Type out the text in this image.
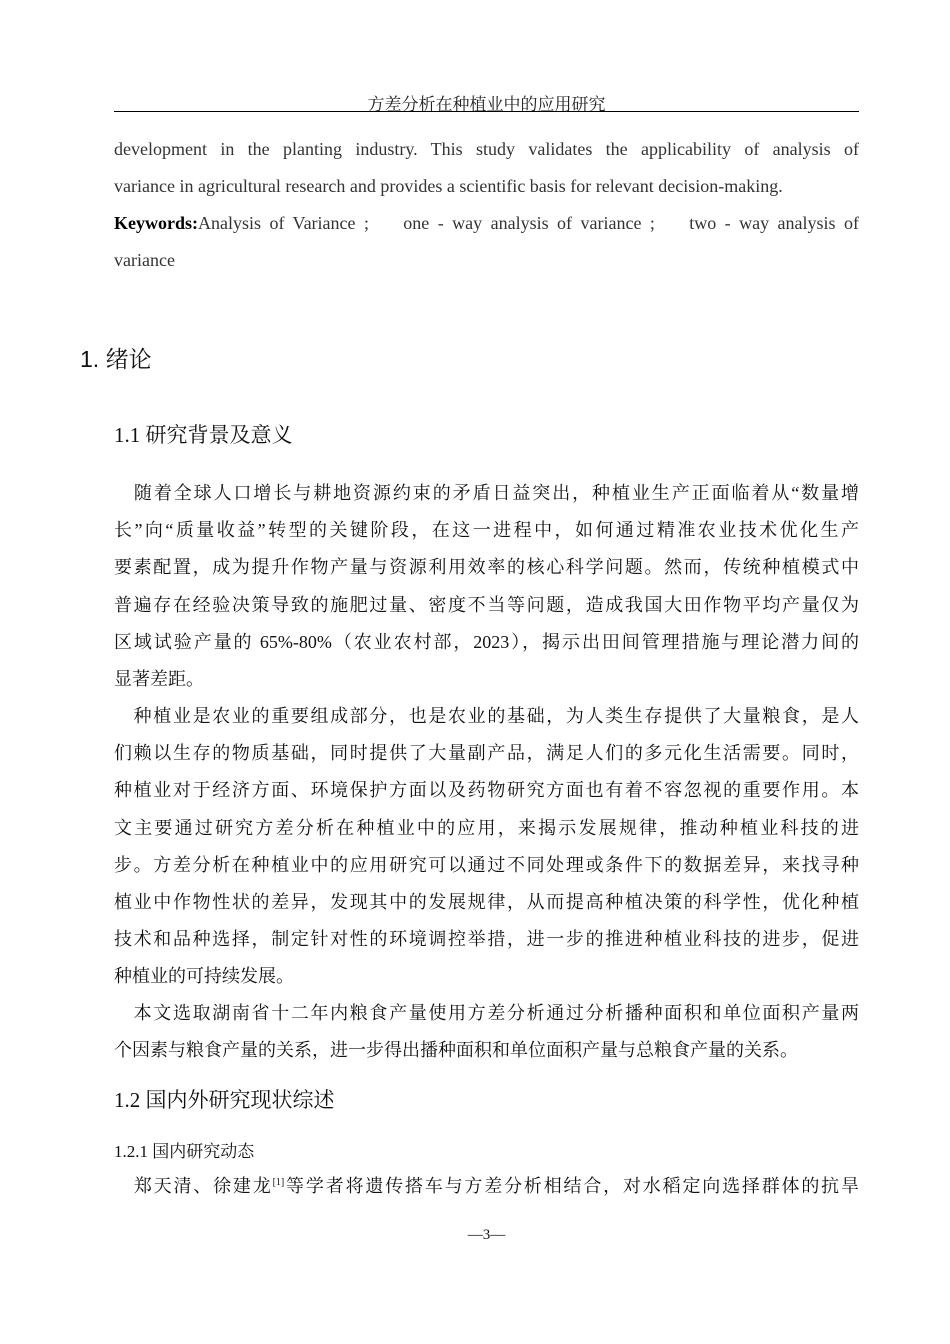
方差分析在种植业中的应用研究
development in the planting industry. This study validates the applicability of analysis of
variance in agricultural research and provides a scientific basis for relevant decision-making.
Keywords:Analysis of Variance ;　 one - way analysis of variance ;　 two - way analysis of
variance
1. 绪论
1.1 研究背景及意义
　随着全球人口增长与耕地资源约束的矛盾日益突出，种植业生产正面临着从“数量增
长”向“质量收益”转型的关键阶段，在这一进程中，如何通过精准农业技术优化生产
要素配置，成为提升作物产量与资源利用效率的核心科学问题。然而，传统种植模式中
普遍存在经验决策导致的施肥过量、密度不当等问题，造成我国大田作物平均产量仅为
区域试验产量的 65%-80%（农业农村部，2023），揭示出田间管理措施与理论潜力间的
显著差距。
　种植业是农业的重要组成部分，也是农业的基础，为人类生存提供了大量粮食，是人
们赖以生存的物质基础，同时提供了大量副产品，满足人们的多元化生活需要。同时，
种植业对于经济方面、环境保护方面以及药物研究方面也有着不容忽视的重要作用。本
文主要通过研究方差分析在种植业中的应用，来揭示发展规律，推动种植业科技的进
步。方差分析在种植业中的应用研究可以通过不同处理或条件下的数据差异，来找寻种
植业中作物性状的差异，发现其中的发展规律，从而提高种植决策的科学性，优化种植
技术和品种选择，制定针对性的环境调控举措，进一步的推进种植业科技的进步，促进
种植业的可持续发展。
　本文选取湖南省十二年内粮食产量使用方差分析通过分析播种面积和单位面积产量两
个因素与粮食产量的关系，进一步得出播种面积和单位面积产量与总粮食产量的关系。
1.2 国内外研究现状综述
1.2.1 国内研究动态
　郑天清、徐建龙[1]等学者将遗传搭车与方差分析相结合，对水稻定向选择群体的抗旱
—3—
